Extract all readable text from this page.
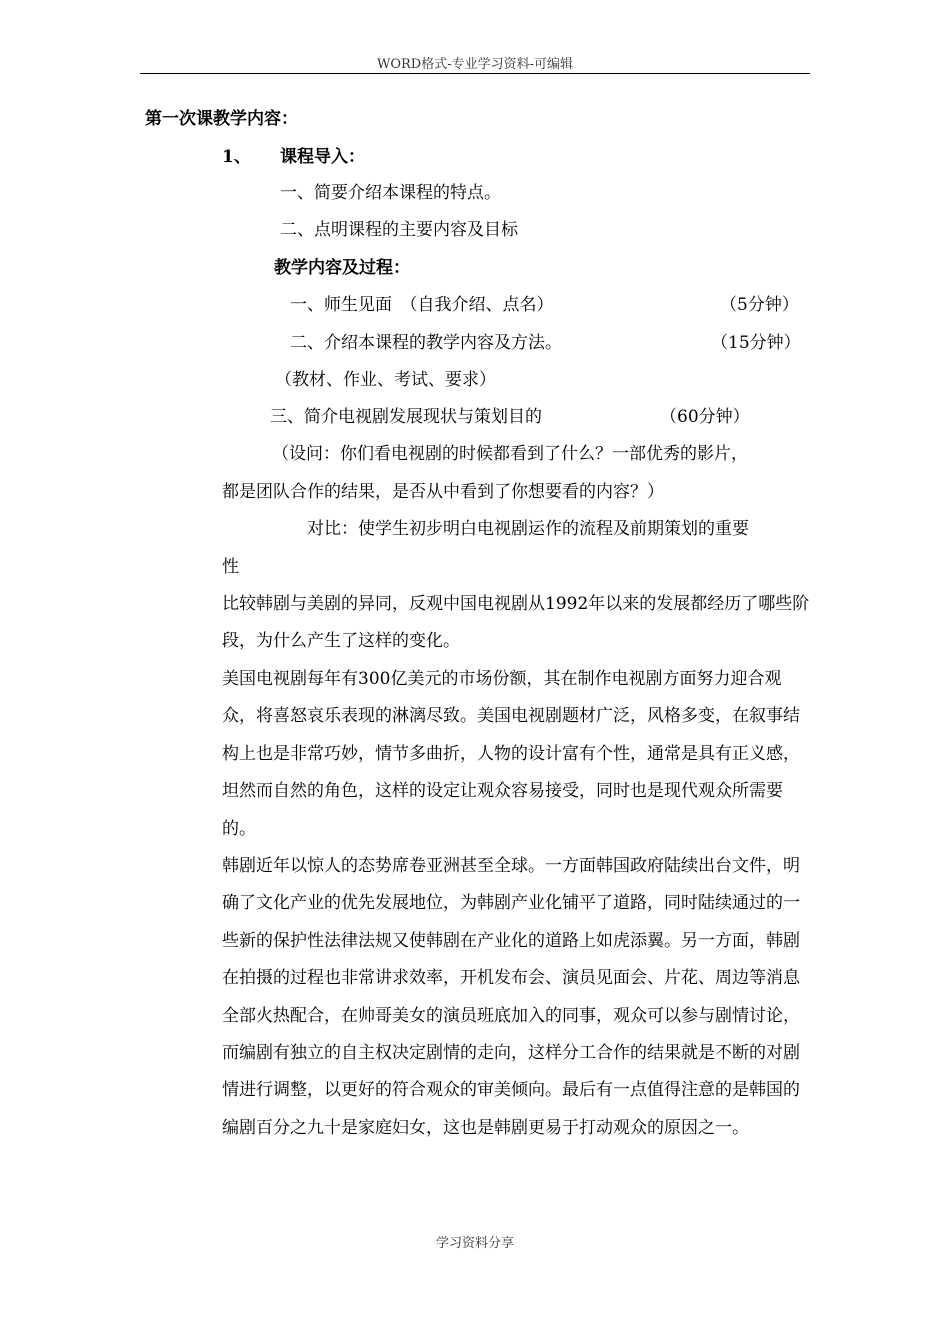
WORD格式-专业学习资料-可编辑
第一次课教学内容：
1、 课程导入：
一、简要介绍本课程的特点。
二、点明课程的主要内容及目标
教学内容及过程：
一、师生见面　（自我介绍、点名）	（5分钟）
二、介绍本课程的教学内容及方法。	（15分钟）
（教材、作业、考试、要求）
三、简介电视剧发展现状与策划目的	（60分钟）
（设问：你们看电视剧的时候都看到了什么？一部优秀的影片，
都是团队合作的结果，是否从中看到了你想要看的内容？）
对比：使学生初步明白电视剧运作的流程及前期策划的重要
性
比较韩剧与美剧的异同，反观中国电视剧从1992年以来的发展都经历了哪些阶段，为什么产生了这样的变化。
美国电视剧每年有300亿美元的市场份额，其在制作电视剧方面努力迎合观众，将喜怒哀乐表现的淋漓尽致。美国电视剧题材广泛，风格多变，在叙事结构上也是非常巧妙，情节多曲折，人物的设计富有个性，通常是具有正义感，坦然而自然的角色，这样的设定让观众容易接受，同时也是现代观众所需要的。
韩剧近年以惊人的态势席卷亚洲甚至全球。一方面韩国政府陆续出台文件，明确了文化产业的优先发展地位，为韩剧产业化铺平了道路，同时陆续通过的一些新的保护性法律法规又使韩剧在产业化的道路上如虎添翼。另一方面，韩剧在拍摄的过程也非常讲求效率，开机发布会、演员见面会、片花、周边等消息全部火热配合，在帅哥美女的演员班底加入的同事，观众可以参与剧情讨论，而编剧有独立的自主权决定剧情的走向，这样分工合作的结果就是不断的对剧情进行调整，以更好的符合观众的审美倾向。最后有一点值得注意的是韩国的编剧百分之九十是家庭妇女，这也是韩剧更易于打动观众的原因之一。
学习资料分享
